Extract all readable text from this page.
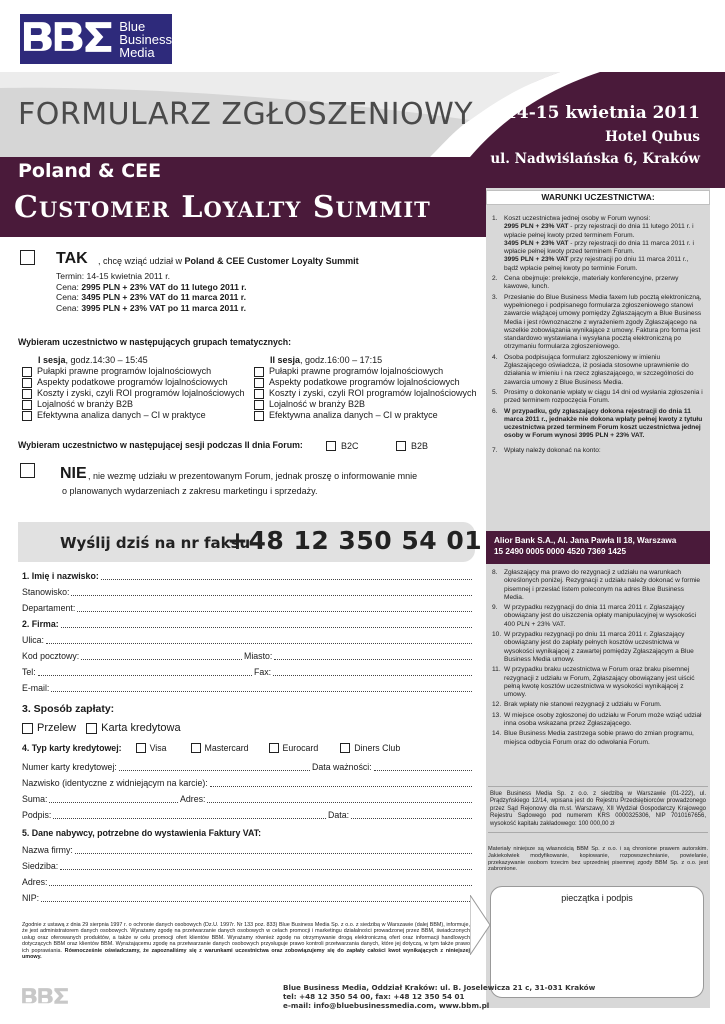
Blue
Business
Media
FORMULARZ ZGŁOSZENIOWY 14-15 kwietnia 2011
Hotel Qubus
ul. Nadwiślańska 6, Kraków
Poland & CEE
Customer Loyalty Summit	WARUNKI UCZESTNICTWA:
1. Koszt uczestnictwa jednej osoby w Forum wynosi:
2995 PLN + 23% VAT - przy rejestracji do dnia 11 lutego 2011 r. i wpłacie pełnej kwoty przed terminem Forum.
3495 PLN + 23% VAT - przy rejestracji do dnia 11 marca 2011 r. i wpłacie pełnej kwoty przed terminem Forum.
3995 PLN + 23% VAT przy rejestracji po dniu 11 marca 2011 r., bądź wpłacie pełnej kwoty po terminie Forum.
2. Cena obejmuje: prelekcje, materiały konferencyjne, przerwy kawowe, lunch.
3. Przesłanie do Blue Business Media faxem lub pocztą elektroniczną, wypełnionego i podpisanego formularza zgłoszeniowego stanowi zawarcie wiążącej umowy pomiędzy Zgłaszającym a Blue Business Media i jest równoznaczne z wyrażeniem zgody Zgłaszającego na wszelkie zobowiązania wynikające z umowy. Faktura pro forma jest standardowo wystawiana i wysyłana pocztą elektroniczną po otrzymaniu formularza zgłoszeniowego.
4. Osoba podpisująca formularz zgłoszeniowy w imieniu Zgłaszającego oświadcza, iż posiada stosowne uprawnienie do działania w imieniu i na rzecz zgłaszającego, w szczególności do zawarcia umowy z Blue Business Media.
5. Prosimy o dokonanie wpłaty w ciągu 14 dni od wysłania zgłoszenia i przed terminem rozpoczęcia Forum.
6. W przypadku, gdy zgłaszający dokona rejestracji do dnia 11 marca 2011 r., jednakże nie dokona wpłaty pełnej kwoty z tytułu uczestnictwa przed terminem Forum koszt uczestnictwa jednej osoby w Forum wynosi 3995 PLN + 23% VAT.
7. Wpłaty należy dokonać na konto:
Alior Bank S.A., Al. Jana Pawła II 18, Warszawa
15 2490 0005 0000 4520 7369 1425
8. Zgłaszający ma prawo do rezygnacji z udziału na warunkach określonych poniżej. Rezygnacji z udziału należy dokonać w formie pisemnej i przesłać listem poleconym na adres Blue Business Media.
9. W przypadku rezygnacji do dnia 11 marca 2011 r. Zgłaszający obowiązany jest do uiszczenia opłaty manipulacyjnej w wysokości 400 PLN + 23% VAT.
10. W przypadku rezygnacji po dniu 11 marca 2011 r. Zgłaszający obowiązany jest do zapłaty pełnych kosztów uczestnictwa w wysokości wynikającej z zawartej pomiędzy Zgłaszającym a Blue Business Media umowy.
11. W przypadku braku uczestnictwa w Forum oraz braku pisemnej rezygnacji z udziału w Forum, Zgłaszający obowiązany jest uiścić pełną kwotę kosztów uczestnictwa w wysokości wynikającej z umowy.
12. Brak wpłaty nie stanowi rezygnacji z udziału w Forum.
13. W miejsce osoby zgłoszonej do udziału w Forum może wziąć udział inna osoba wskazana przez Zgłaszającego.
14. Blue Business Media zastrzega sobie prawo do zmian programu, miejsca odbycia Forum oraz do odwołania Forum.
Blue Business Media Sp. z o.o. z siedzibą w Warszawie (01-222), ul. Prądzyńskiego 12/14, wpisana jest do Rejestru Przedsiębiorców prowadzonego przez Sąd Rejonowy dla m.st. Warszawy, XII Wydział Gospodarczy Krajowego Rejestru Sądowego pod numerem KRS 0000325306, NIP 7010167656, wysokość kapitału zakładowego: 100 000,00 zł
Materiały niniejsze są własnością BBM Sp. z o.o. i są chronione prawem autorskim. Jakiekolwiek modyfikowanie, kopiowanie, rozpowszechnianie, powielanie, przekazywanie osobom trzecim bez uprzedniej pisemnej zgody BBM Sp. z o.o. jest zabronione.
pieczątka i podpis
TAK , chcę wziąć udział w Poland & CEE Customer Loyalty Summit
Termin: 14-15 kwietnia 2011 r.
Cena: 2995 PLN + 23% VAT do 11 lutego 2011 r.
Cena: 3495 PLN + 23% VAT do 11 marca 2011 r.
Cena: 3995 PLN + 23% VAT po 11 marca 2011 r.
Wybieram uczestnictwo w następujących grupach tematycznych:
I sesja, godz.14:30 – 15:45
Pułapki prawne programów lojalnościowych
Aspekty podatkowe programów lojalnościowych
Koszty i zyski, czyli ROI programów lojalnościowych
Lojalność w branży B2B
Efektywna analiza danych – CI w praktyce
II sesja, godz.16:00 – 17:15
Pułapki prawne programów lojalnościowych
Aspekty podatkowe programów lojalnościowych
Koszty i zyski, czyli ROI programów lojalnościowych
Lojalność w branży B2B
Efektywna analiza danych – CI w praktyce
Wybieram uczestnictwo w następującej sesji podczas II dnia Forum:	B2C	B2B
NIE , nie wezmę udziału w prezentowanym Forum, jednak proszę o informowanie mnie
o planowanych wydarzeniach z zakresu marketingu i sprzedaży.
Wyślij dziś na nr faksu
+48 12 350 54 01
1. Imię i nazwisko:
Stanowisko:
Departament:
2. Firma:
Ulica:
Kod pocztowy:	Miasto:
Tel:	Fax:
E-mail:
3. Sposób zapłaty:
Przelew Karta kredytowa
4. Typ karty kredytowej:	Visa	Mastercard	Eurocard	Diners Club
Numer karty kredytowej:	Data ważności:
Nazwisko (identyczne z widniejącym na karcie):
Suma:	Adres:
Podpis:	Data:
5. Dane nabywcy, potrzebne do wystawienia Faktury VAT:
Nazwa firmy:
Siedziba:
Adres:
NIP:
Zgodnie z ustawą z dnia 29 sierpnia 1997 r. o ochronie danych osobowych (Dz.U. 1997r. Nr 133 poz. 833) Blue Business Media Sp. z o.o. z siedzibą w Warszawie (dalej BBM), informuje, że jest administratorem danych osobowych. Wyrażamy zgodę na przetwarzanie danych osobowych w celach promocji i marketingu działalności prowadzonej przez BBM, świadczonych usług oraz oferowanych produktów, a także w celu promocji ofert klientów BBM. Wyrażamy również zgodę na otrzymywanie drogą elektroniczną ofert oraz informacji handlowych dotyczących BBM oraz klientów BBM. Wyrażającemu zgodę na przetwarzanie danych osobowych przysługuje prawo kontroli przetwarzania danych, które jej dotyczą, w tym także prawo ich poprawiania. Równocześnie oświadczamy, że zapoznaliśmy się z warunkami uczestnictwa oraz zobowiązujemy się do zapłaty całości kwot wynikających z niniejszej umowy.
Blue Business Media, Oddział Kraków: ul. B. Joselewicza 21 c, 31-031 Kraków
tel: +48 12 350 54 00, fax: +48 12 350 54 01
e-mail: info@bluebusinessmedia.com, www.bbm.pl
